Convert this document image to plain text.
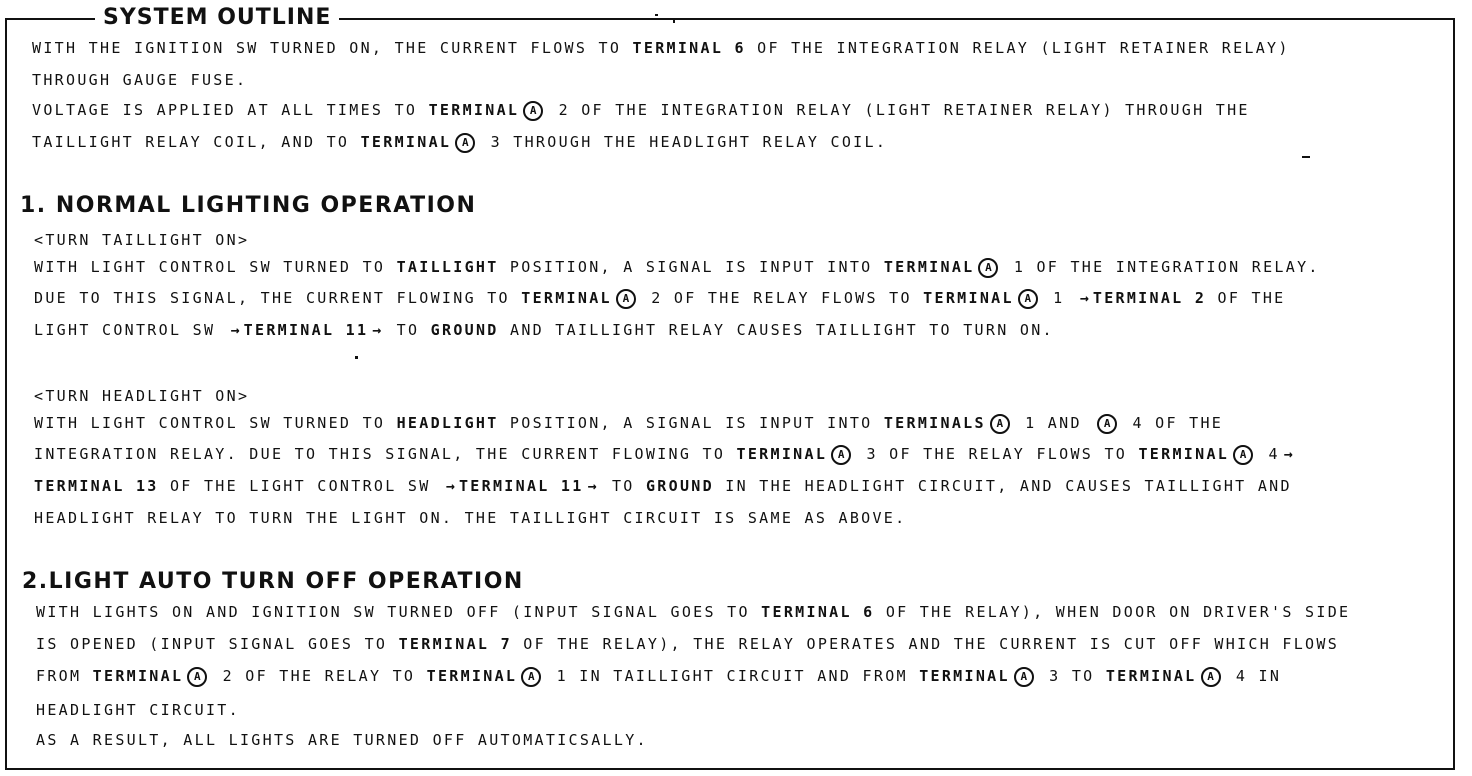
SYSTEM OUTLINE
WITH THE IGNITION SW TURNED ON, THE CURRENT FLOWS TO TERMINAL 6 OF THE INTEGRATION RELAY (LIGHT RETAINER RELAY)
THROUGH GAUGE FUSE.
VOLTAGE IS APPLIED AT ALL TIMES TO TERMINAL A 2 OF THE INTEGRATION RELAY (LIGHT RETAINER RELAY) THROUGH THE
TAILLIGHT RELAY COIL, AND TO TERMINAL A 3 THROUGH THE HEADLIGHT RELAY COIL.
1. NORMAL LIGHTING OPERATION
<TURN TAILLIGHT ON>
WITH LIGHT CONTROL SW TURNED TO TAILLIGHT POSITION, A SIGNAL IS INPUT INTO TERMINAL A 1 OF THE INTEGRATION RELAY.
DUE TO THIS SIGNAL, THE CURRENT FLOWING TO TERMINAL A 2 OF THE RELAY FLOWS TO TERMINAL A 1 → TERMINAL 2 OF THE
LIGHT CONTROL SW → TERMINAL 11 → TO GROUND AND TAILLIGHT RELAY CAUSES TAILLIGHT TO TURN ON.
<TURN HEADLIGHT ON>
WITH LIGHT CONTROL SW TURNED TO HEADLIGHT POSITION, A SIGNAL IS INPUT INTO TERMINALS A 1 AND A 4 OF THE
INTEGRATION RELAY. DUE TO THIS SIGNAL, THE CURRENT FLOWING TO TERMINAL A 3 OF THE RELAY FLOWS TO TERMINAL A 4 →
TERMINAL 13 OF THE LIGHT CONTROL SW → TERMINAL 11 → TO GROUND IN THE HEADLIGHT CIRCUIT, AND CAUSES TAILLIGHT AND
HEADLIGHT RELAY TO TURN THE LIGHT ON. THE TAILLIGHT CIRCUIT IS SAME AS ABOVE.
2.LIGHT AUTO TURN OFF OPERATION
WITH LIGHTS ON AND IGNITION SW TURNED OFF (INPUT SIGNAL GOES TO TERMINAL 6 OF THE RELAY), WHEN DOOR ON DRIVER'S SIDE
IS OPENED (INPUT SIGNAL GOES TO TERMINAL 7 OF THE RELAY), THE RELAY OPERATES AND THE CURRENT IS CUT OFF WHICH FLOWS
FROM TERMINAL A 2 OF THE RELAY TO TERMINAL A 1 IN TAILLIGHT CIRCUIT AND FROM TERMINAL A 3 TO TERMINAL A 4 IN
HEADLIGHT CIRCUIT.
AS A RESULT, ALL LIGHTS ARE TURNED OFF AUTOMATICSALLY.
